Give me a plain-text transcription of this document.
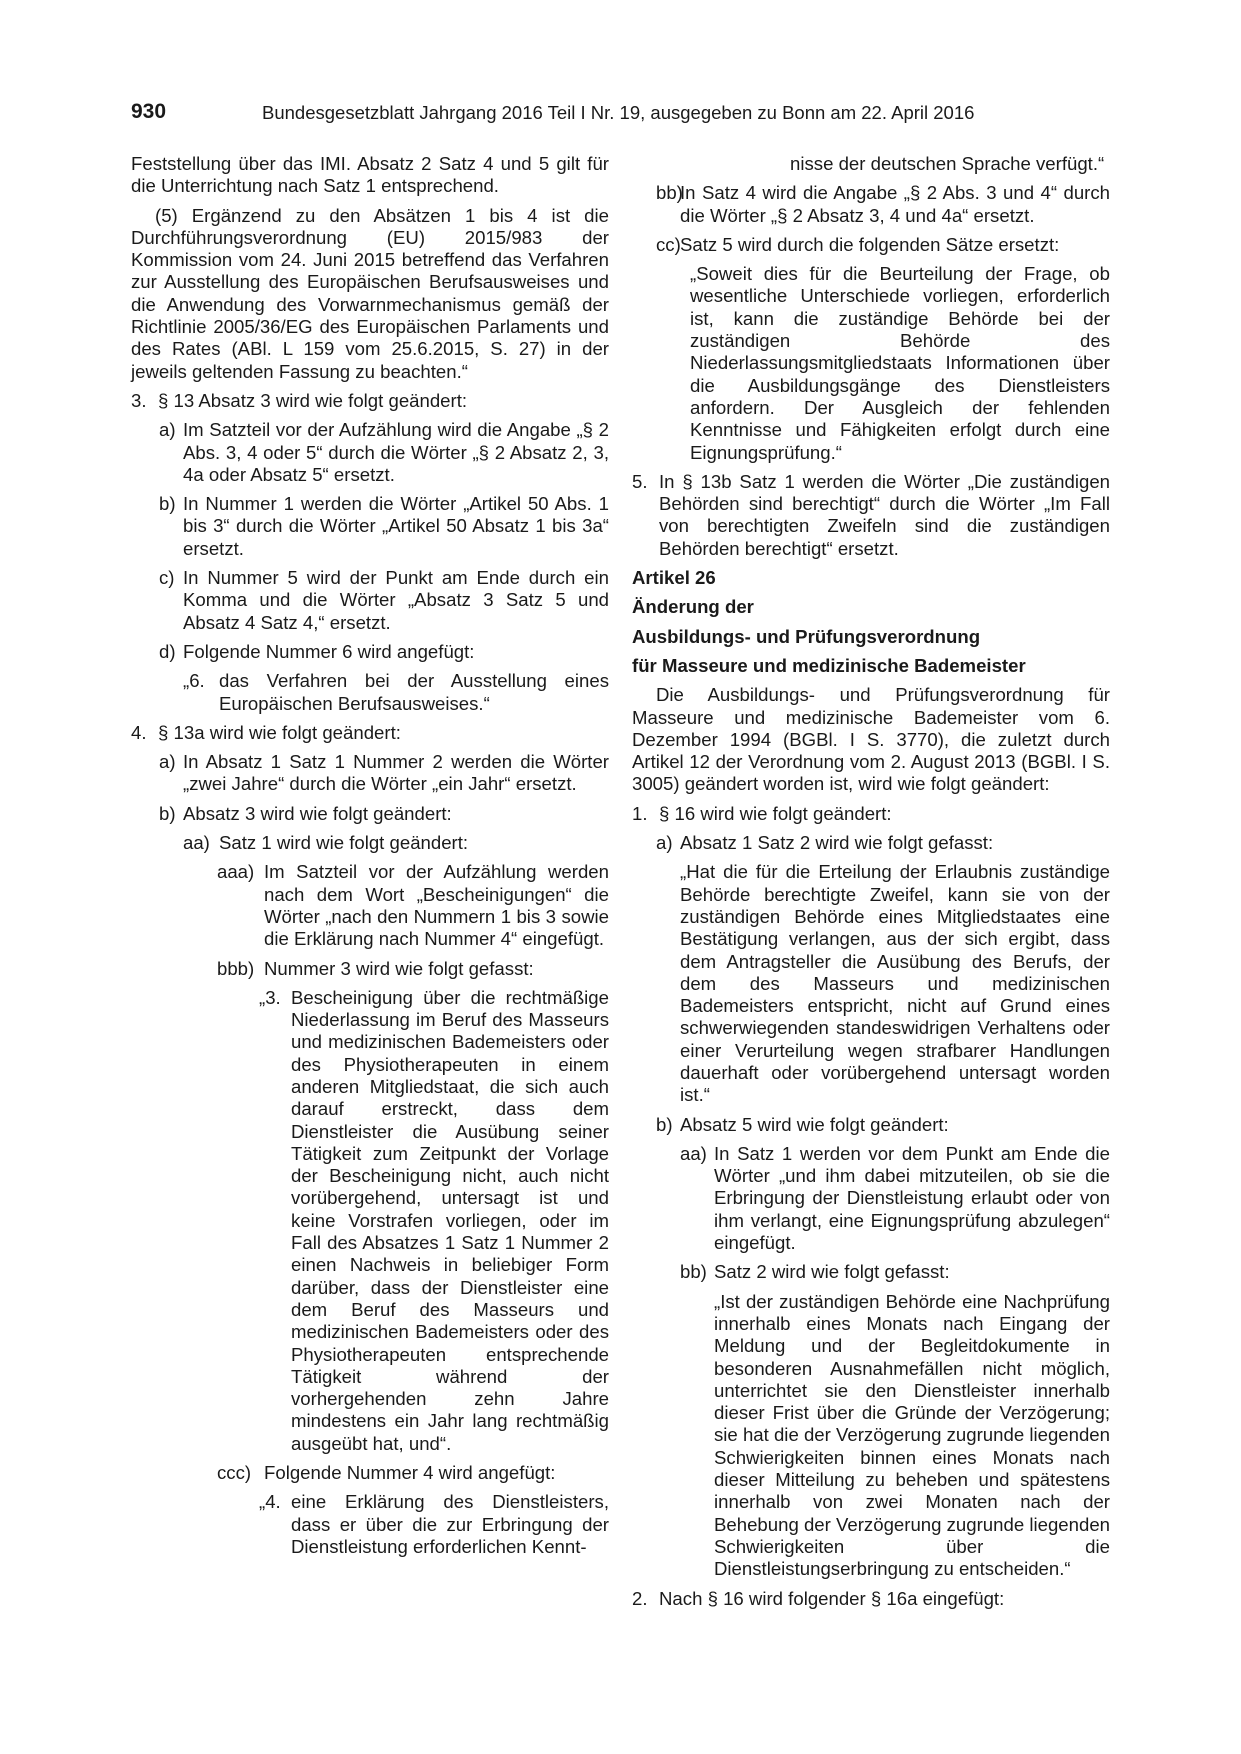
930	Bundesgesetzblatt Jahrgang 2016 Teil I Nr. 19, ausgegeben zu Bonn am 22. April 2016

Feststellung über das IMI. Absatz 2 Satz 4 und 5 gilt für die Unterrichtung nach Satz 1 entsprechend.

(5) Ergänzend zu den Absätzen 1 bis 4 ist die Durchführungsverordnung (EU) 2015/983 der Kommission vom 24. Juni 2015 betreffend das Verfahren zur Ausstellung des Europäischen Berufsausweises und die Anwendung des Vorwarnmechanismus gemäß der Richtlinie 2005/36/EG des Europäischen Parlaments und des Rates (ABl. L 159 vom 25.6.2015, S. 27) in der jeweils geltenden Fassung zu beachten.“

3. § 13 Absatz 3 wird wie folgt geändert:
a) Im Satzteil vor der Aufzählung wird die Angabe „§ 2 Abs. 3, 4 oder 5“ durch die Wörter „§ 2 Absatz 2, 3, 4a oder Absatz 5“ ersetzt.
b) In Nummer 1 werden die Wörter „Artikel 50 Abs. 1 bis 3“ durch die Wörter „Artikel 50 Absatz 1 bis 3a“ ersetzt.
c) In Nummer 5 wird der Punkt am Ende durch ein Komma und die Wörter „Absatz 3 Satz 5 und Absatz 4 Satz 4,“ ersetzt.
d) Folgende Nummer 6 wird angefügt:
„6. das Verfahren bei der Ausstellung eines Europäischen Berufsausweises.“
4. § 13a wird wie folgt geändert:
a) In Absatz 1 Satz 1 Nummer 2 werden die Wörter „zwei Jahre“ durch die Wörter „ein Jahr“ ersetzt.
b) Absatz 3 wird wie folgt geändert:
aa) Satz 1 wird wie folgt geändert:
aaa) Im Satzteil vor der Aufzählung werden nach dem Wort „Bescheinigungen“ die Wörter „nach den Nummern 1 bis 3 sowie die Erklärung nach Nummer 4“ eingefügt.
bbb) Nummer 3 wird wie folgt gefasst:
„3. Bescheinigung über die rechtmäßige Niederlassung im Beruf des Masseurs und medizinischen Bademeisters oder des Physiotherapeuten in einem anderen Mitgliedstaat, die sich auch darauf erstreckt, dass dem Dienstleister die Ausübung seiner Tätigkeit zum Zeitpunkt der Vorlage der Bescheinigung nicht, auch nicht vorübergehend, untersagt ist und keine Vorstrafen vorliegen, oder im Fall des Absatzes 1 Satz 1 Nummer 2 einen Nachweis in beliebiger Form darüber, dass der Dienstleister eine dem Beruf des Masseurs und medizinischen Bademeisters oder des Physiotherapeuten entsprechende Tätigkeit während der vorhergehenden zehn Jahre mindestens ein Jahr lang rechtmäßig ausgeübt hat, und“.
ccc) Folgende Nummer 4 wird angefügt:
„4. eine Erklärung des Dienstleisters, dass er über die zur Erbringung der Dienstleistung erforderlichen Kennt-
nisse der deutschen Sprache verfügt.“
bb)
In Satz 4 wird die Angabe „§ 2 Abs. 3 und 4“ durch die Wörter „§ 2 Absatz 3, 4 und 4a“ ersetzt.
cc) Satz 5 wird durch die folgenden Sätze ersetzt:
„Soweit dies für die Beurteilung der Frage, ob wesentliche Unterschiede vorliegen, erforderlich ist, kann die zuständige Behörde bei der zuständigen Behörde des Niederlassungsmitgliedstaats Informationen über die Ausbildungsgänge des Dienstleisters anfordern. Der Ausgleich der fehlenden Kenntnisse und Fähigkeiten erfolgt durch eine Eignungsprüfung.“
5. In § 13b Satz 1 werden die Wörter „Die zuständigen Behörden sind berechtigt“ durch die Wörter „Im Fall von berechtigten Zweifeln sind die zuständigen Behörden berechtigt“ ersetzt.

Artikel 26

Änderung der

Ausbildungs- und Prüfungsverordnung

für Masseure und medizinische Bademeister

Die Ausbildungs- und Prüfungsverordnung für Masseure und medizinische Bademeister vom 6. Dezember 1994 (BGBl. I S. 3770), die zuletzt durch Artikel 12 der Verordnung vom 2. August 2013 (BGBl. I S. 3005) geändert worden ist, wird wie folgt geändert:

1. § 16 wird wie folgt geändert:
a) Absatz 1 Satz 2 wird wie folgt gefasst:
„Hat die für die Erteilung der Erlaubnis zuständige Behörde berechtigte Zweifel, kann sie von der zuständigen Behörde eines Mitgliedstaates eine Bestätigung verlangen, aus der sich ergibt, dass dem Antragsteller die Ausübung des Berufs, der dem des Masseurs und medizinischen Bademeisters entspricht, nicht auf Grund eines schwerwiegenden standeswidrigen Verhaltens oder einer Verurteilung wegen strafbarer Handlungen dauerhaft oder vorübergehend untersagt worden ist.“
b) Absatz 5 wird wie folgt geändert:
aa) In Satz 1 werden vor dem Punkt am Ende die Wörter „und ihm dabei mitzuteilen, ob sie die Erbringung der Dienstleistung erlaubt oder von ihm verlangt, eine Eignungsprüfung abzulegen“ eingefügt.
bb) Satz 2 wird wie folgt gefasst:
„Ist der zuständigen Behörde eine Nachprüfung innerhalb eines Monats nach Eingang der Meldung und der Begleitdokumente in besonderen Ausnahmefällen nicht möglich, unterrichtet sie den Dienstleister innerhalb dieser Frist über die Gründe der Verzögerung; sie hat die der Verzögerung zugrunde liegenden Schwierigkeiten binnen eines Monats nach dieser Mitteilung zu beheben und spätestens innerhalb von zwei Monaten nach der Behebung der Verzögerung zugrunde liegenden Schwierigkeiten über die Dienstleistungserbringung zu entscheiden.“
2. Nach § 16 wird folgender § 16a eingefügt:
